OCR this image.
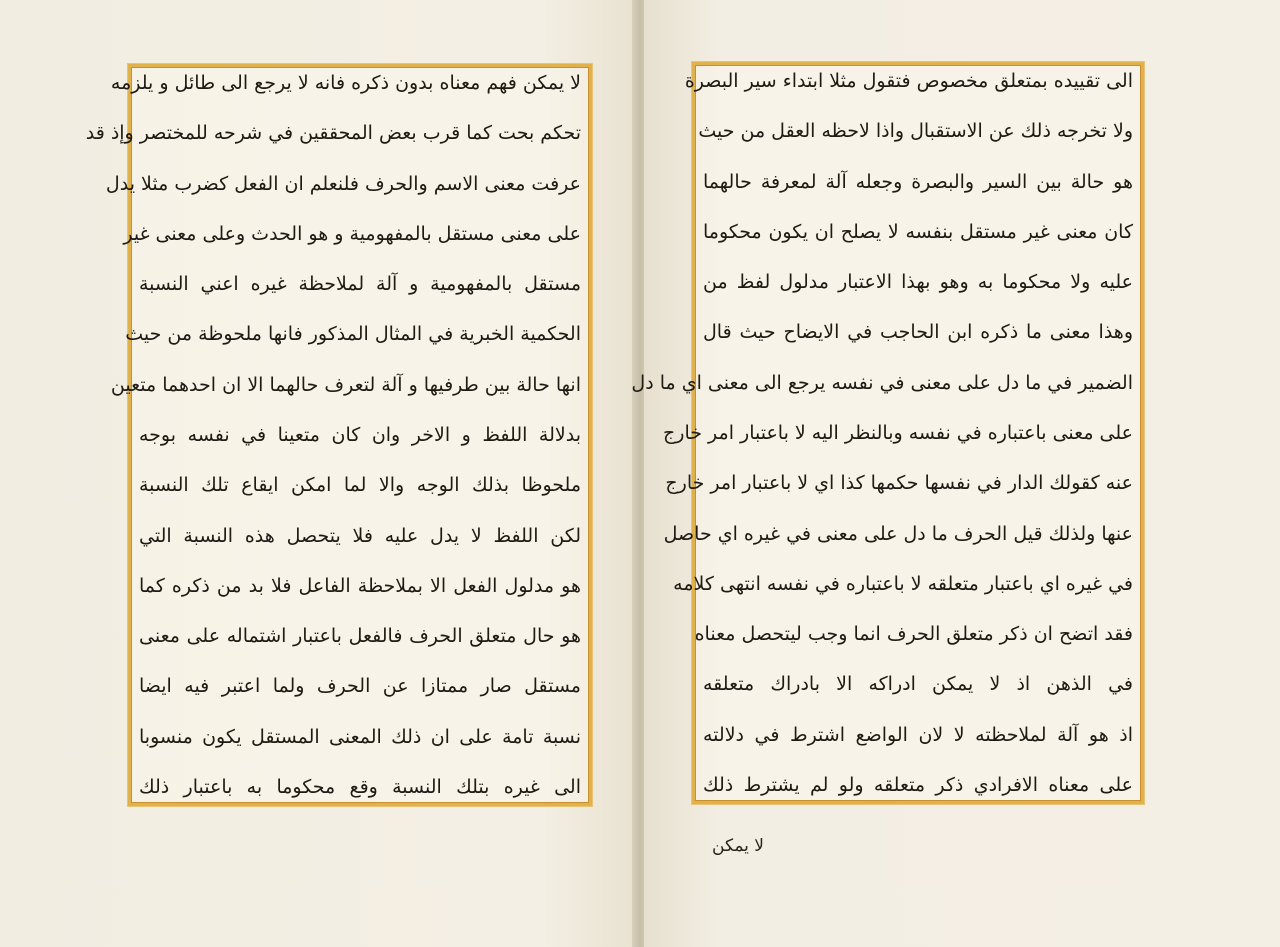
لا يمكن فهم معناه بدون ذكره فانه لا يرجع الى طائل و يلزمه
تحكم بحت كما قرب بعض المحققين في شرحه للمختصر وإذ قد
عرفت معنى الاسم والحرف فلنعلم ان الفعل كضرب مثلا يدل
على معنى مستقل بالمفهومية و هو الحدث وعلى معنى غير
مستقل بالمفهومية و آلة لملاحظة غيره اعني النسبة
الحكمية الخبرية في المثال المذكور فانها ملحوظة من حيث
انها حالة بين طرفيها و آلة لتعرف حالهما الا ان احدهما متعين
بدلالة اللفظ و الاخر وان كان متعينا في نفسه بوجه
ملحوظا بذلك الوجه والا لما امكن ايقاع تلك النسبة
لكن اللفظ لا يدل عليه فلا يتحصل هذه النسبة التي
هو مدلول الفعل الا بملاحظة الفاعل فلا بد من ذكره كما
هو حال متعلق الحرف فالفعل باعتبار اشتماله على معنى
مستقل صار ممتازا عن الحرف ولما اعتبر فيه ايضا
نسبة تامة على ان ذلك المعنى المستقل يكون منسوبا
الى غيره بتلك النسبة وقع محكوما به باعتبار ذلك
الى تقييده بمتعلق مخصوص فتقول مثلا ابتداء سير البصرة
ولا تخرجه ذلك عن الاستقبال واذا لاحظه العقل من حيث
هو حالة بين السير والبصرة وجعله آلة لمعرفة حالهما
كان معنى غير مستقل بنفسه لا يصلح ان يكون محكوما
عليه ولا محكوما به وهو بهذا الاعتبار مدلول لفظ من
وهذا معنى ما ذكره ابن الحاجب في الايضاح حيث قال
الضمير في ما دل على معنى في نفسه يرجع الى معنى اي ما دل
على معنى باعتباره في نفسه وبالنظر اليه لا باعتبار امر خارج
عنه كقولك الدار في نفسها حكمها كذا اي لا باعتبار امر خارج
عنها ولذلك قيل الحرف ما دل على معنى في غيره اي حاصل
في غيره اي باعتبار متعلقه لا باعتباره في نفسه انتهى كلامه
فقد اتضح ان ذكر متعلق الحرف انما وجب ليتحصل معناه
في الذهن اذ لا يمكن ادراكه الا بادراك متعلقه
اذ هو آلة لملاحظته لا لان الواضع اشترط في دلالته
على معناه الافرادي ذكر متعلقه ولو لم يشترط ذلك
لا يمكن
